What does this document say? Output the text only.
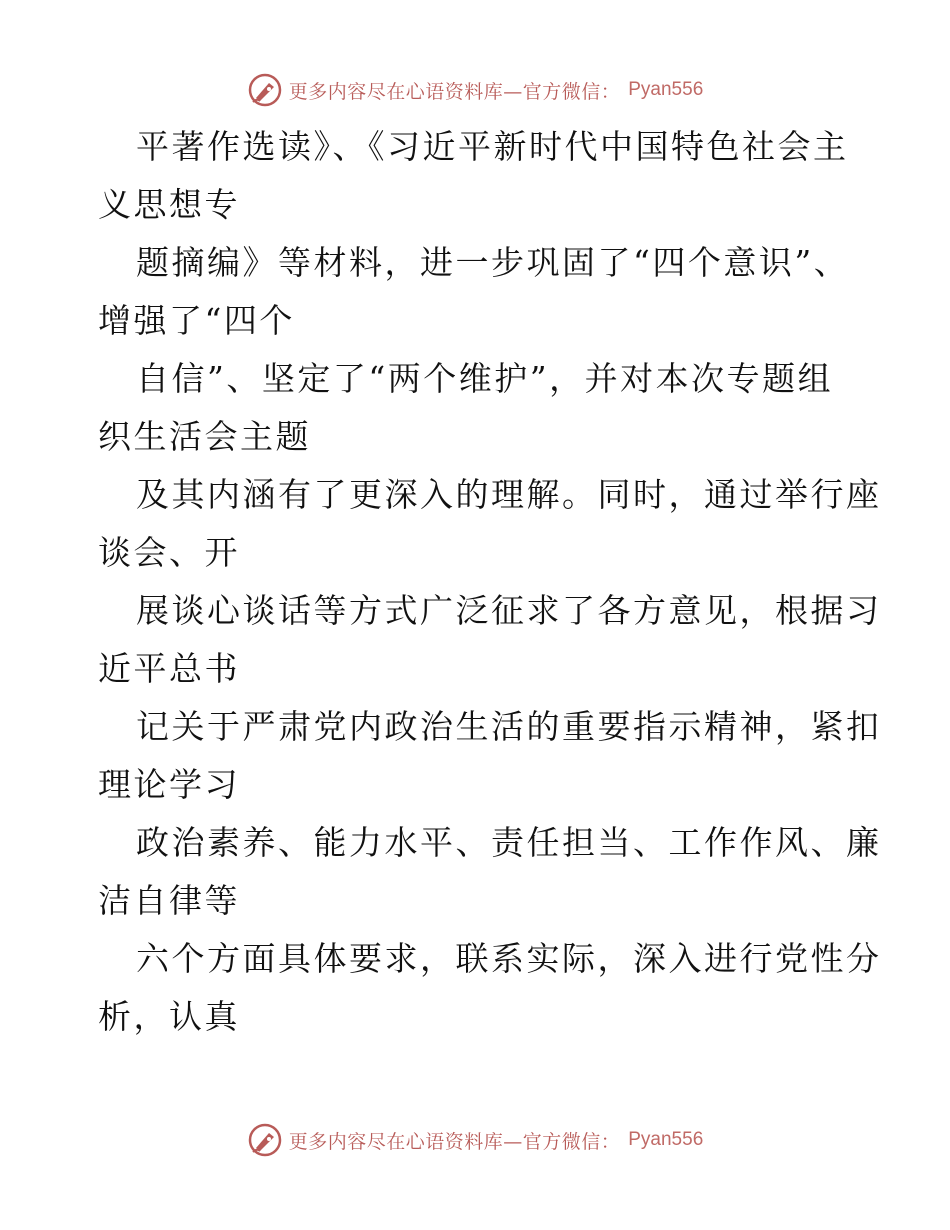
更多内容尽在心语资料库—官方微信： Pyan556
平著作选读》、《习近平新时代中国特色社会主
义思想专
题摘编》等材料，进一步巩固了“四个意识”、
增强了“四个
自信”、坚定了“两个维护”，并对本次专题组
织生活会主题
及其内涵有了更深入的理解。同时，通过举行座
谈会、开
展谈心谈话等方式广泛征求了各方意见，根据习
近平总书
记关于严肃党内政治生活的重要指示精神，紧扣
理论学习
政治素养、能力水平、责任担当、工作作风、廉
洁自律等
六个方面具体要求，联系实际，深入进行党性分
析，认真
更多内容尽在心语资料库—官方微信： Pyan556
